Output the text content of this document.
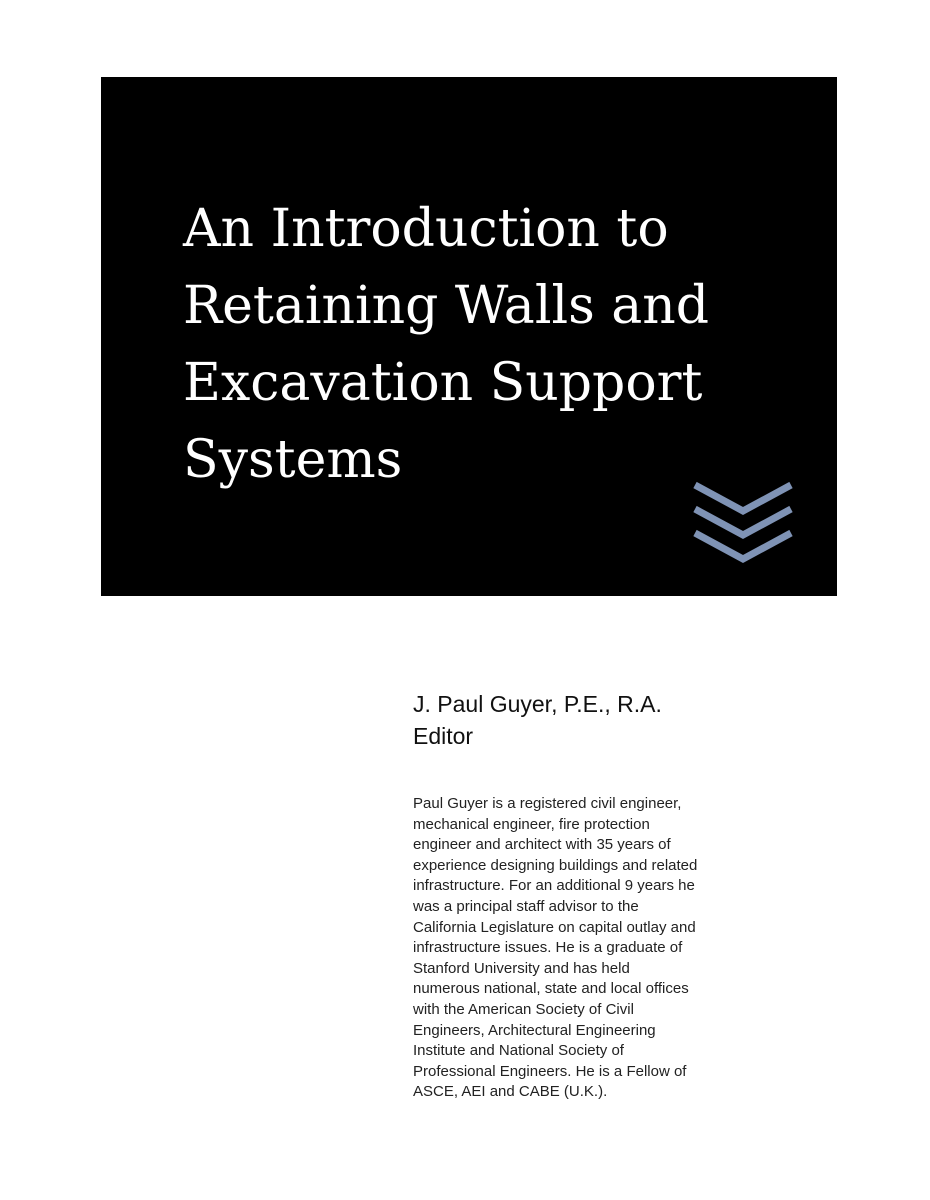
An Introduction to
Retaining Walls and
Excavation Support
Systems

J. Paul Guyer, P.E., R.A.

Editor

Paul Guyer is a registered civil engineer,
mechanical engineer, fire protection
engineer and architect with 35 years of
experience designing buildings and related
infrastructure. For an additional 9 years he
was a principal staff advisor to the
California Legislature on capital outlay and
infrastructure issues. He is a graduate of
Stanford University and has held
numerous national, state and local offices
with the American Society of Civil
Engineers, Architectural Engineering
Institute and National Society of
Professional Engineers. He is a Fellow of
ASCE, AEI and CABE (U.K.).
